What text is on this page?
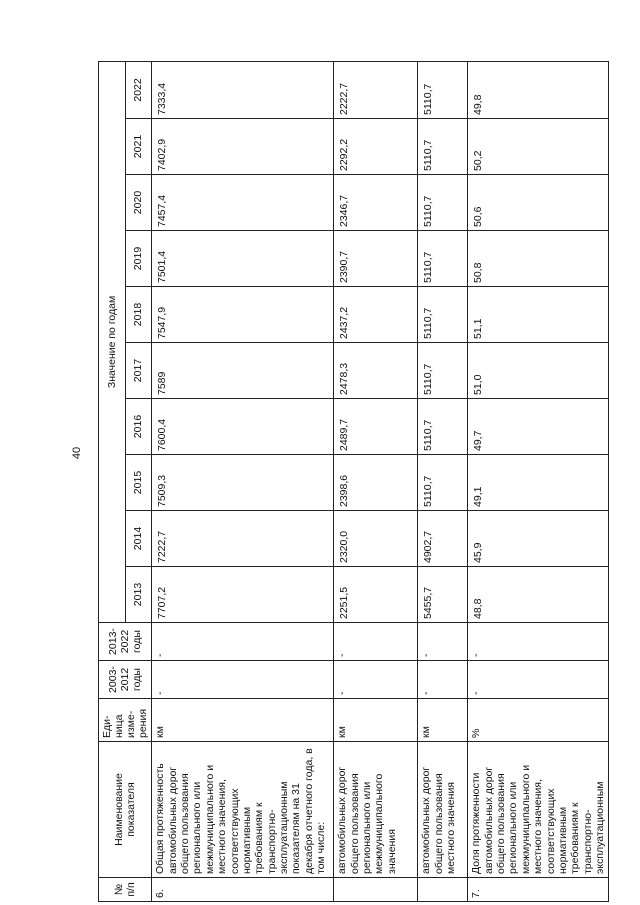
40
№ п/п	Наименование показателя	Еди- ница изме- рения	2003- 2012 годы	2013- 2022 годы	Значение по годам									
					2013	2014	2015	2016	2017	2018	2019	2020	2021	2022
6.	Общая протяженность автомобильных дорог общего пользования регионального или межмуниципального и местного значения, соответствующих нормативным требованиям к транспортно-эксплуатационным показателям на 31 декабря отчетного года, в том числе:	км	-	-	7707,2	7222,7	7509,3	7600,4	7589	7547,9	7501,4	7457,4	7402,9	7333,4
	автомобильных дорог общего пользования регионального или межмуниципального значения	км	-	-	2251,5	2320,0	2398,6	2489,7	2478,3	2437,2	2390,7	2346,7	2292,2	2222,7
	автомобильных дорог общего пользования местного значения	км	-	-	5455,7	4902,7	5110,7	5110,7	5110,7	5110,7	5110,7	5110,7	5110,7	5110,7
7.	Доля протяженности автомобильных дорог общего пользования регионального или межмуниципального и местного значения, соответствующих нормативным требованиям к транспортно-эксплуатационным	%	-	-	48,8	45,9	49,1	49,7	51,0	51,1	50,8	50,6	50,2	49,8
